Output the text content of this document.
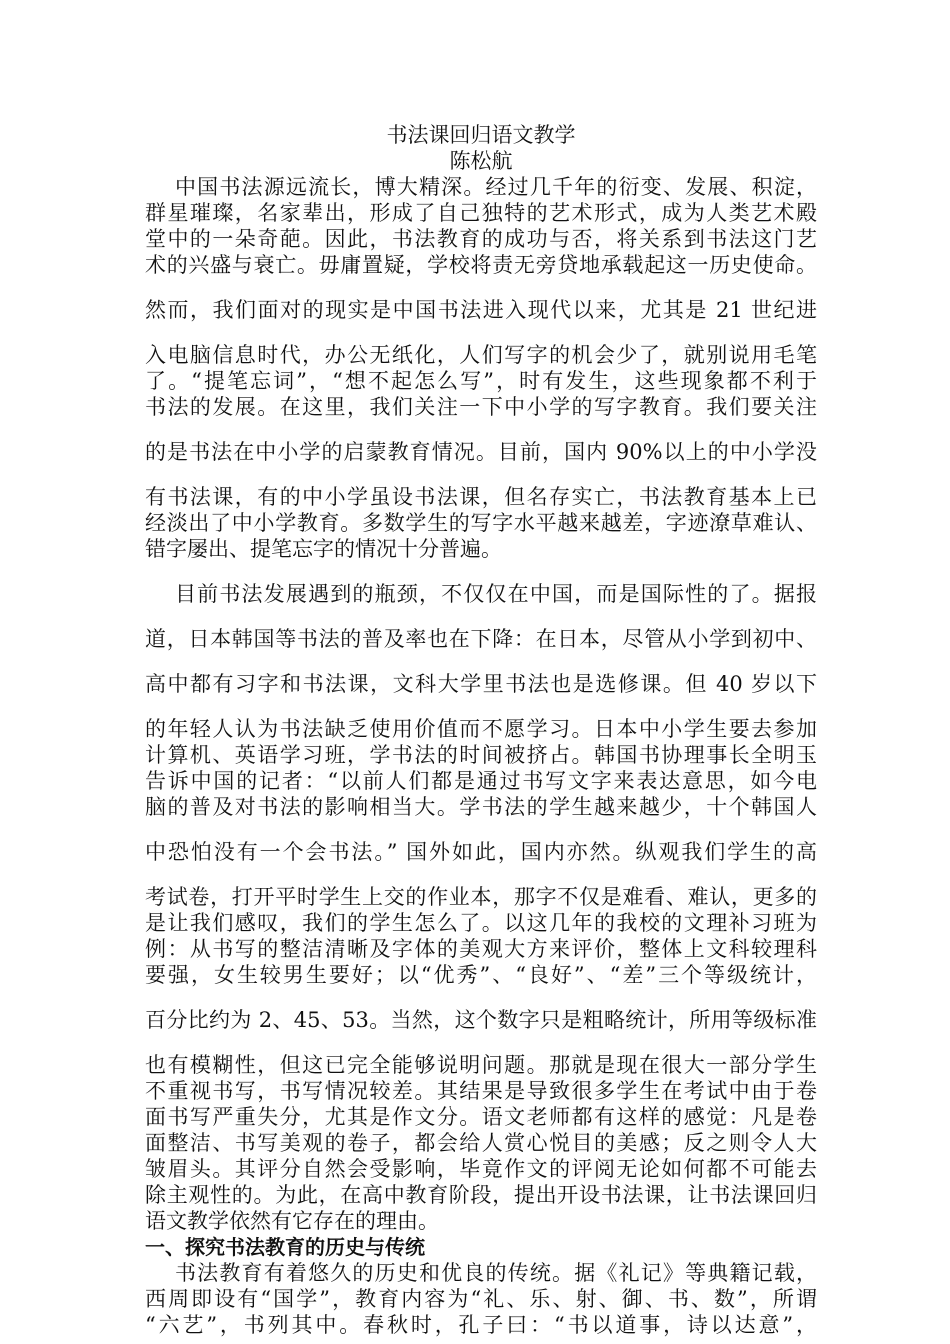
书法课回归语文教学

陈松航

中国书法源远流长，博大精深。经过几千年的衍变、发展、积淀，

群星璀璨，名家辈出，形成了自己独特的艺术形式，成为人类艺术殿

堂中的一朵奇葩。因此，书法教育的成功与否，将关系到书法这门艺

术的兴盛与衰亡。毋庸置疑，学校将责无旁贷地承载起这一历史使命。

然而，我们面对的现实是中国书法进入现代以来，尤其是 21 世纪进

入电脑信息时代，办公无纸化，人们写字的机会少了，就别说用毛笔

了。“提笔忘词”，“想不起怎么写”，时有发生，这些现象都不利于

书法的发展。在这里，我们关注一下中小学的写字教育。我们要关注

的是书法在中小学的启蒙教育情况。目前，国内 90%以上的中小学没

有书法课，有的中小学虽设书法课，但名存实亡，书法教育基本上已

经淡出了中小学教育。多数学生的写字水平越来越差，字迹潦草难认、

错字屡出、提笔忘字的情况十分普遍。

目前书法发展遇到的瓶颈，不仅仅在中国，而是国际性的了。据报

道，日本韩国等书法的普及率也在下降：在日本，尽管从小学到初中、

高中都有习字和书法课，文科大学里书法也是选修课。但 40 岁以下

的年轻人认为书法缺乏使用价值而不愿学习。日本中小学生要去参加

计算机、英语学习班，学书法的时间被挤占。韩国书协理事长全明玉

告诉中国的记者：“以前人们都是通过书写文字来表达意思，如今电

脑的普及对书法的影响相当大。学书法的学生越来越少，十个韩国人

中恐怕没有一个会书法。” 国外如此，国内亦然。纵观我们学生的高

考试卷，打开平时学生上交的作业本，那字不仅是难看、难认，更多的

是让我们感叹，我们的学生怎么了。以这几年的我校的文理补习班为

例：从书写的整洁清晰及字体的美观大方来评价，整体上文科较理科

要强，女生较男生要好；以“优秀”、“良好”、“差”三个等级统计，

百分比约为 2、45、53。当然，这个数字只是粗略统计，所用等级标准

也有模糊性，但这已完全能够说明问题。那就是现在很大一部分学生

不重视书写，书写情况较差。其结果是导致很多学生在考试中由于卷

面书写严重失分，尤其是作文分。语文老师都有这样的感觉：凡是卷

面整洁、书写美观的卷子，都会给人赏心悦目的美感；反之则令人大

皱眉头。其评分自然会受影响，毕竟作文的评阅无论如何都不可能去

除主观性的。为此，在高中教育阶段，提出开设书法课，让书法课回归

语文教学依然有它存在的理由。

一、探究书法教育的历史与传统

书法教育有着悠久的历史和优良的传统。据《礼记》等典籍记载，

西周即设有“国学”，教育内容为“礼、乐、射、御、书、数”，所谓

“六艺”，书列其中。春秋时，孔子曰：“书以道事，诗以达意”，
